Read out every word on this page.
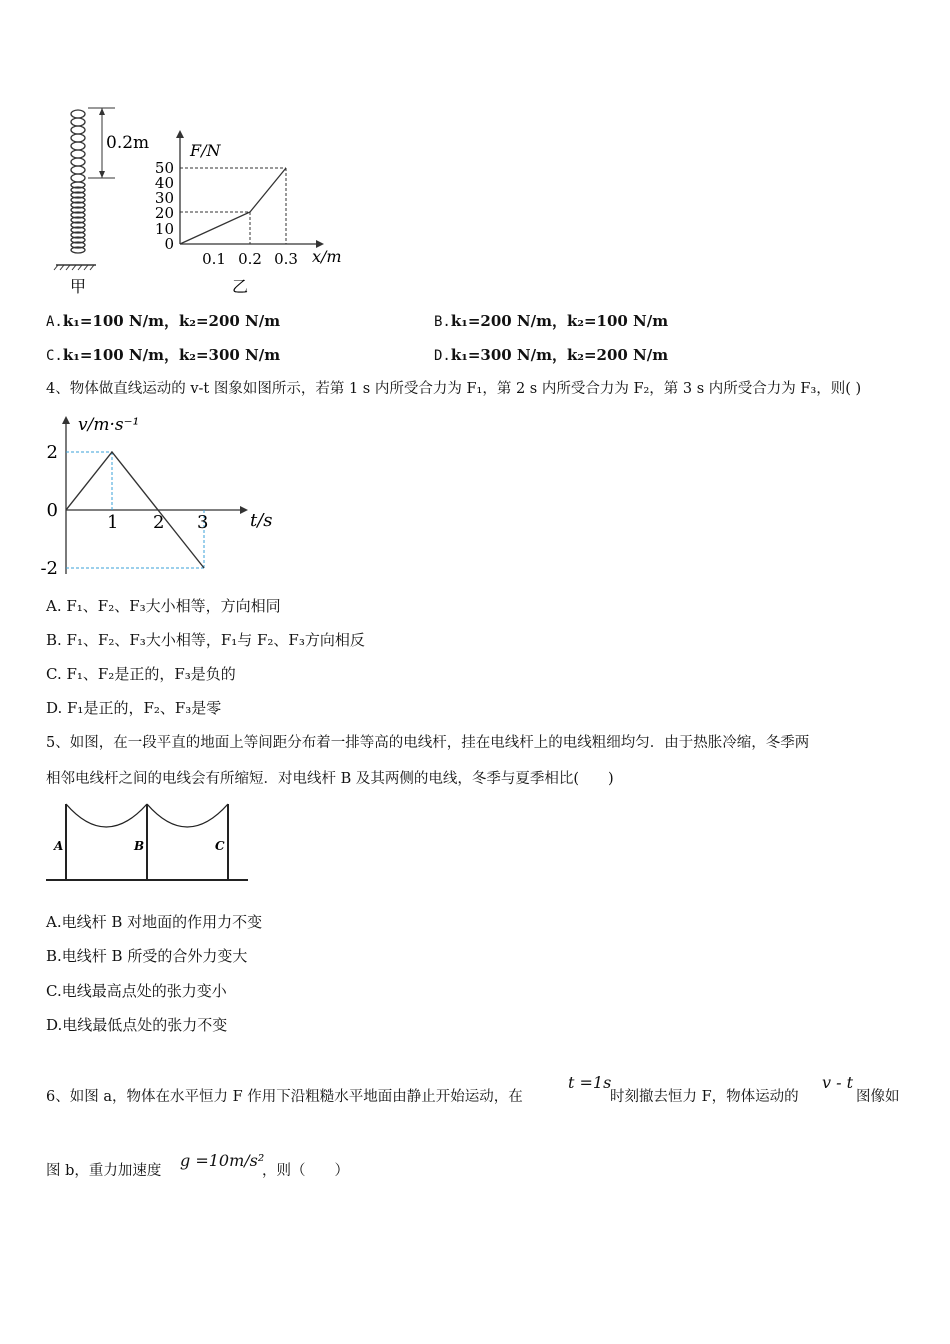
0.2m
甲
F/N
x/m
50
40
30
20
10
0
0.1 0.2 0.3
乙
A.k₁=100 N/m，k₂=200 N/m	B.k₁=200 N/m，k₂=100 N/m
C.k₁=100 N/m，k₂=300 N/m	D.k₁=300 N/m，k₂=200 N/m
4、物体做直线运动的 v-t 图象如图所示，若第 1 s 内所受合力为 F₁，第 2 s 内所受合力为 F₂，第 3 s 内所受合力为 F₃，则( )
1 2 3
2
0
-2
t/s
v/m·s⁻¹
A. F₁、F₂、F₃大小相等，方向相同
B. F₁、F₂、F₃大小相等，F₁与 F₂、F₃方向相反
C. F₁、F₂是正的，F₃是负的
D. F₁是正的，F₂、F₃是零
5、如图，在一段平直的地面上等间距分布着一排等高的电线杆，挂在电线杆上的电线粗细均匀．由于热胀冷缩，冬季两
相邻电线杆之间的电线会有所缩短．对电线杆 B 及其两侧的电线，冬季与夏季相比(　　)
A	B	C
A.电线杆 B 对地面的作用力不变
B.电线杆 B 所受的合外力变大
C.电线最高点处的张力变小
D.电线最低点处的张力不变
6、如图 a，物体在水平恒力 F 作用下沿粗糙水平地面由静止开始运动，在
t =1s
时刻撤去恒力 F，物体运动的
v - t
图像如
图 b，重力加速度
g =10m/s²
，则（　　）
